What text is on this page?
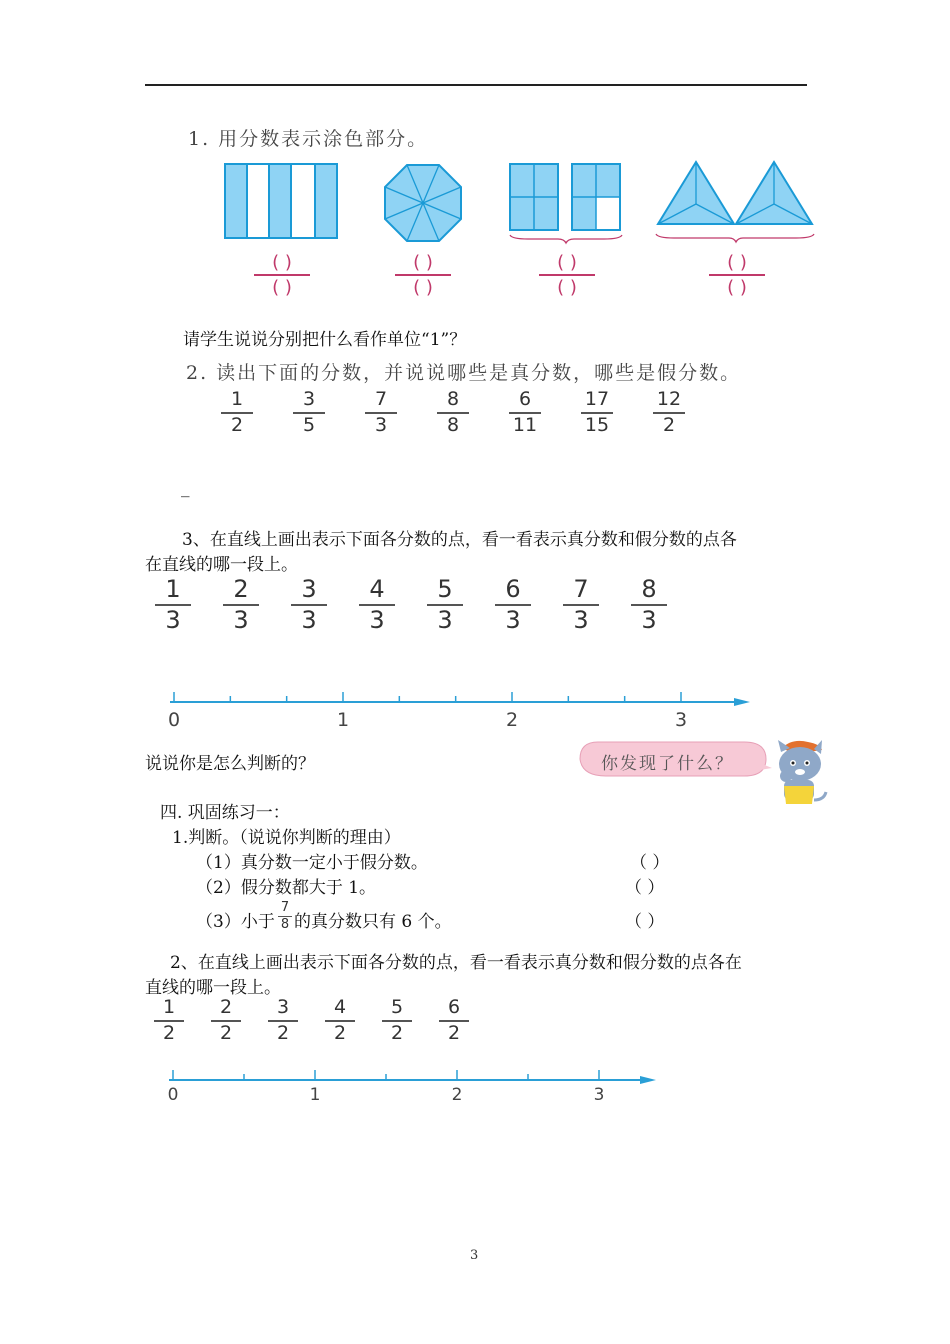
1. 用分数表示涂色部分。
( )
( )
( )
( )
( )
( )
( )
( )
请学生说说分别把什么看作单位“1”？
2. 读出下面的分数，并说说哪些是真分数，哪些是假分数。
1
2
3
5
7
3
8
8
6
11
17
15
12
2
_
3、在直线上画出表示下面各分数的点，看一看表示真分数和假分数的点各
在直线的哪一段上。
1
3
2
3
3
3
4
3
5
3
6
3
7
3
8
3
0	1	2	3
说说你是怎么判断的？	你发现了什么？
四. 巩固练习一：
1.判断。（说说你判断的理由）
（1）真分数一定小于假分数。	（ ）
（2）假分数都大于 1。	（ ）
（3）小于
7
8 的真分数只有 6 个。	（ ）
2、在直线上画出表示下面各分数的点，看一看表示真分数和假分数的点各在
直线的哪一段上。
1
2
2
2
3
2
4
2
5
2
6
2
0	1	2	3
3
